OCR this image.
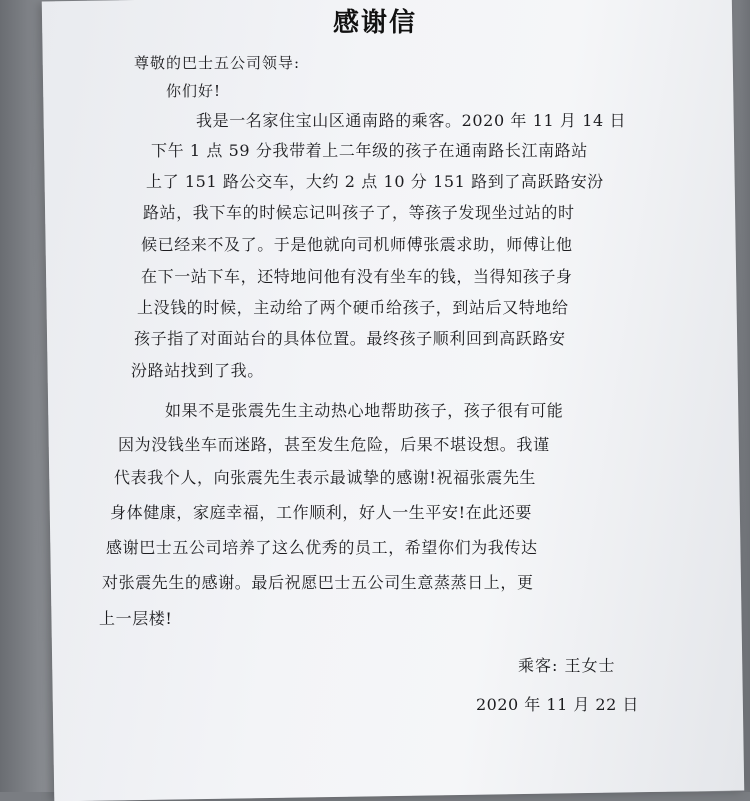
感谢信
尊敬的巴士五公司领导:
你们好!
我是一名家住宝山区通南路的乘客。2020 年 11 月 14 日
下午 1 点 59 分我带着上二年级的孩子在通南路长江南路站
上了 151 路公交车，大约 2 点 10 分 151 路到了高跃路安汾
路站，我下车的时候忘记叫孩子了，等孩子发现坐过站的时
候已经来不及了。于是他就向司机师傅张震求助，师傅让他
在下一站下车，还特地问他有没有坐车的钱，当得知孩子身
上没钱的时候，主动给了两个硬币给孩子，到站后又特地给
孩子指了对面站台的具体位置。最终孩子顺利回到高跃路安
汾路站找到了我。
如果不是张震先生主动热心地帮助孩子，孩子很有可能
因为没钱坐车而迷路，甚至发生危险，后果不堪设想。我谨
代表我个人，向张震先生表示最诚挚的感谢!祝福张震先生
身体健康，家庭幸福，工作顺利，好人一生平安!在此还要
感谢巴士五公司培养了这么优秀的员工，希望你们为我传达
对张震先生的感谢。最后祝愿巴士五公司生意蒸蒸日上，更
上一层楼!
乘客: 王女士
2020 年 11 月 22 日
